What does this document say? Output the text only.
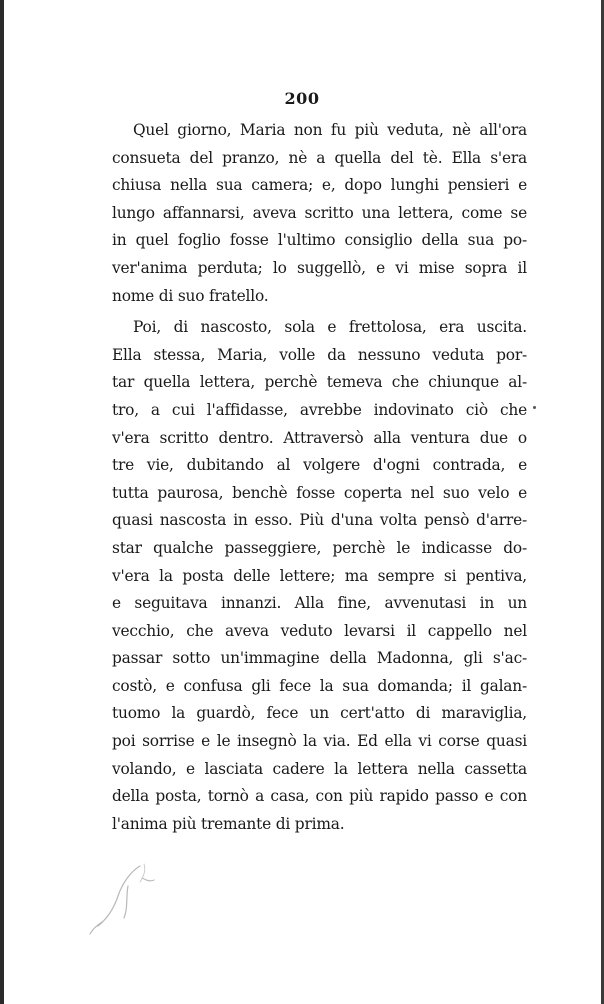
200
Quel giorno, Maria non fu più veduta, nè all'ora
consueta del pranzo, nè a quella del tè. Ella s'era
chiusa nella sua camera; e, dopo lunghi pensieri e
lungo affannarsi, aveva scritto una lettera, come se
in quel foglio fosse l'ultimo consiglio della sua po-
ver'anima perduta; lo suggellò, e vi mise sopra il
nome di suo fratello.
Poi, di nascosto, sola e frettolosa, era uscita.
Ella stessa, Maria, volle da nessuno veduta por-
tar quella lettera, perchè temeva che chiunque al-
tro, a cui l'affidasse, avrebbe indovinato ciò che
v'era scritto dentro. Attraversò alla ventura due o
tre vie, dubitando al volgere d'ogni contrada, e
tutta paurosa, benchè fosse coperta nel suo velo e
quasi nascosta in esso. Più d'una volta pensò d'arre-
star qualche passeggiere, perchè le indicasse do-
v'era la posta delle lettere; ma sempre si pentiva,
e seguitava innanzi. Alla fine, avvenutasi in un
vecchio, che aveva veduto levarsi il cappello nel
passar sotto un'immagine della Madonna, gli s'ac-
costò, e confusa gli fece la sua domanda; il galan-
tuomo la guardò, fece un cert'atto di maraviglia,
poi sorrise e le insegnò la via. Ed ella vi corse quasi
volando, e lasciata cadere la lettera nella cassetta
della posta, tornò a casa, con più rapido passo e con
l'anima più tremante di prima.
